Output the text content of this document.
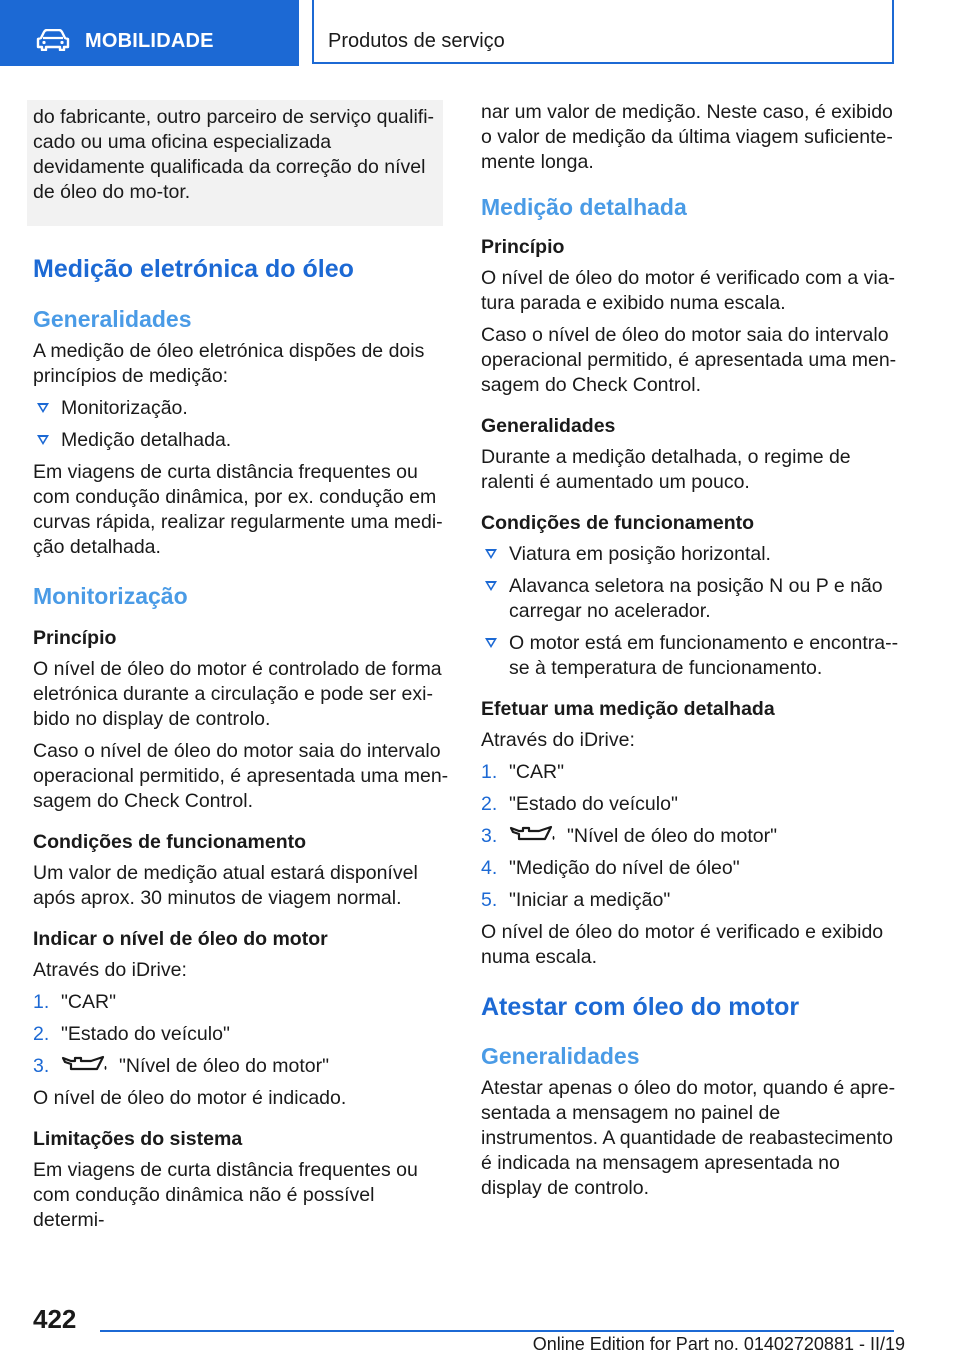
MOBILIDADE	Produtos de serviço

do fabricante, outro parceiro de serviço qualifi-cado ou uma oficina especializada devidamente qualificada da correção do nível de óleo do mo-tor.

Medição eletrónica do óleo
Generalidades

A medição de óleo eletrónica dispões de dois princípios de medição:

Monitorização.
Medição detalhada.

Em viagens de curta distância frequentes ou com condução dinâmica, por ex. condução em curvas rápida, realizar regularmente uma medi-ção detalhada.

Monitorização
Princípio

O nível de óleo do motor é controlado de forma eletrónica durante a circulação e pode ser exi-bido no display de controlo.

Caso o nível de óleo do motor saia do intervalo operacional permitido, é apresentada uma men-sagem do Check Control.

Condições de funcionamento

Um valor de medição atual estará disponível após aprox. 30 minutos de viagem normal.

Indicar o nível de óleo do motor

Através do iDrive:

1. "CAR"
2. "Estado do veículo"
3.	"Nível de óleo do motor"

O nível de óleo do motor é indicado.

Limitações do sistema

Em viagens de curta distância frequentes ou com condução dinâmica não é possível determi-

nar um valor de medição. Neste caso, é exibido o valor de medição da última viagem suficiente-mente longa.

Medição detalhada
Princípio

O nível de óleo do motor é verificado com a via-tura parada e exibido numa escala.

Caso o nível de óleo do motor saia do intervalo operacional permitido, é apresentada uma men-sagem do Check Control.

Generalidades

Durante a medição detalhada, o regime de ralenti é aumentado um pouco.

Condições de funcionamento
Viatura em posição horizontal.
Alavanca seletora na posição N ou P e não carregar no acelerador.
O motor está em funcionamento e encontra--se à temperatura de funcionamento.
Efetuar uma medição detalhada

Através do iDrive:

1. "CAR"
2. "Estado do veículo"
3.	"Nível de óleo do motor"
4. "Medição do nível de óleo"
5. "Iniciar a medição"

O nível de óleo do motor é verificado e exibido numa escala.

Atestar com óleo do motor
Generalidades

Atestar apenas o óleo do motor, quando é apre-sentada a mensagem no painel de instrumentos. A quantidade de reabastecimento é indicada na mensagem apresentada no display de controlo.

422
Online Edition for Part no. 01402720881 - II/19
